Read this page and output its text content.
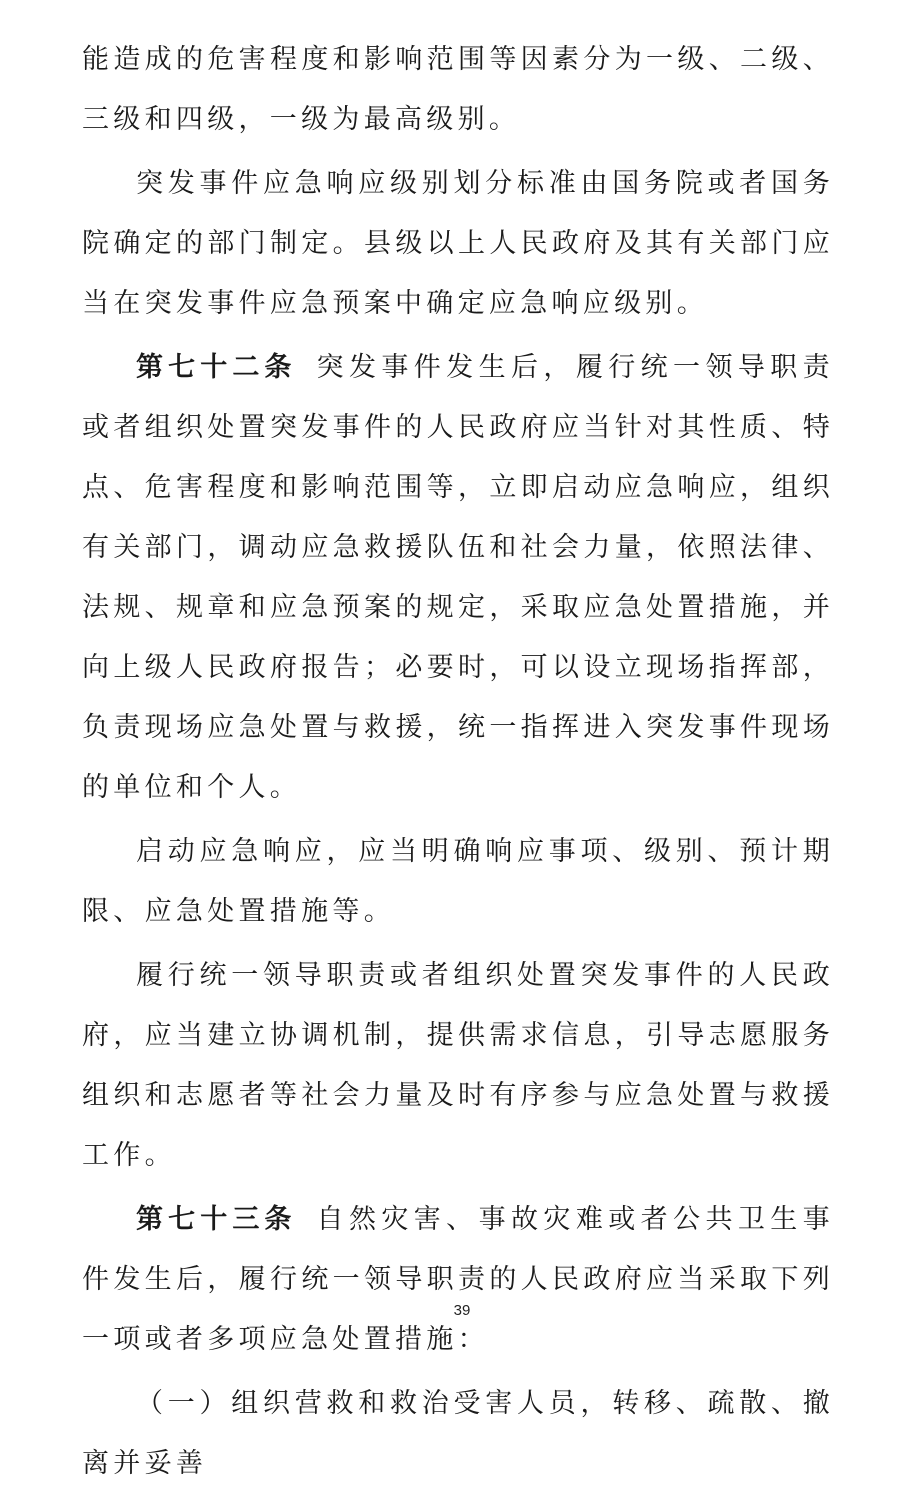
能造成的危害程度和影响范围等因素分为一级、二级、三级和四级，一级为最高级别。

突发事件应急响应级别划分标准由国务院或者国务院确定的部门制定。县级以上人民政府及其有关部门应当在突发事件应急预案中确定应急响应级别。

第七十二条 突发事件发生后，履行统一领导职责或者组织处置突发事件的人民政府应当针对其性质、特点、危害程度和影响范围等，立即启动应急响应，组织有关部门，调动应急救援队伍和社会力量，依照法律、法规、规章和应急预案的规定，采取应急处置措施，并向上级人民政府报告；必要时，可以设立现场指挥部，负责现场应急处置与救援，统一指挥进入突发事件现场的单位和个人。

启动应急响应，应当明确响应事项、级别、预计期限、应急处置措施等。

履行统一领导职责或者组织处置突发事件的人民政府，应当建立协调机制，提供需求信息，引导志愿服务组织和志愿者等社会力量及时有序参与应急处置与救援工作。

第七十三条 自然灾害、事故灾难或者公共卫生事件发生后，履行统一领导职责的人民政府应当采取下列一项或者多项应急处置措施：

（一）组织营救和救治受害人员，转移、疏散、撤离并妥善

39
